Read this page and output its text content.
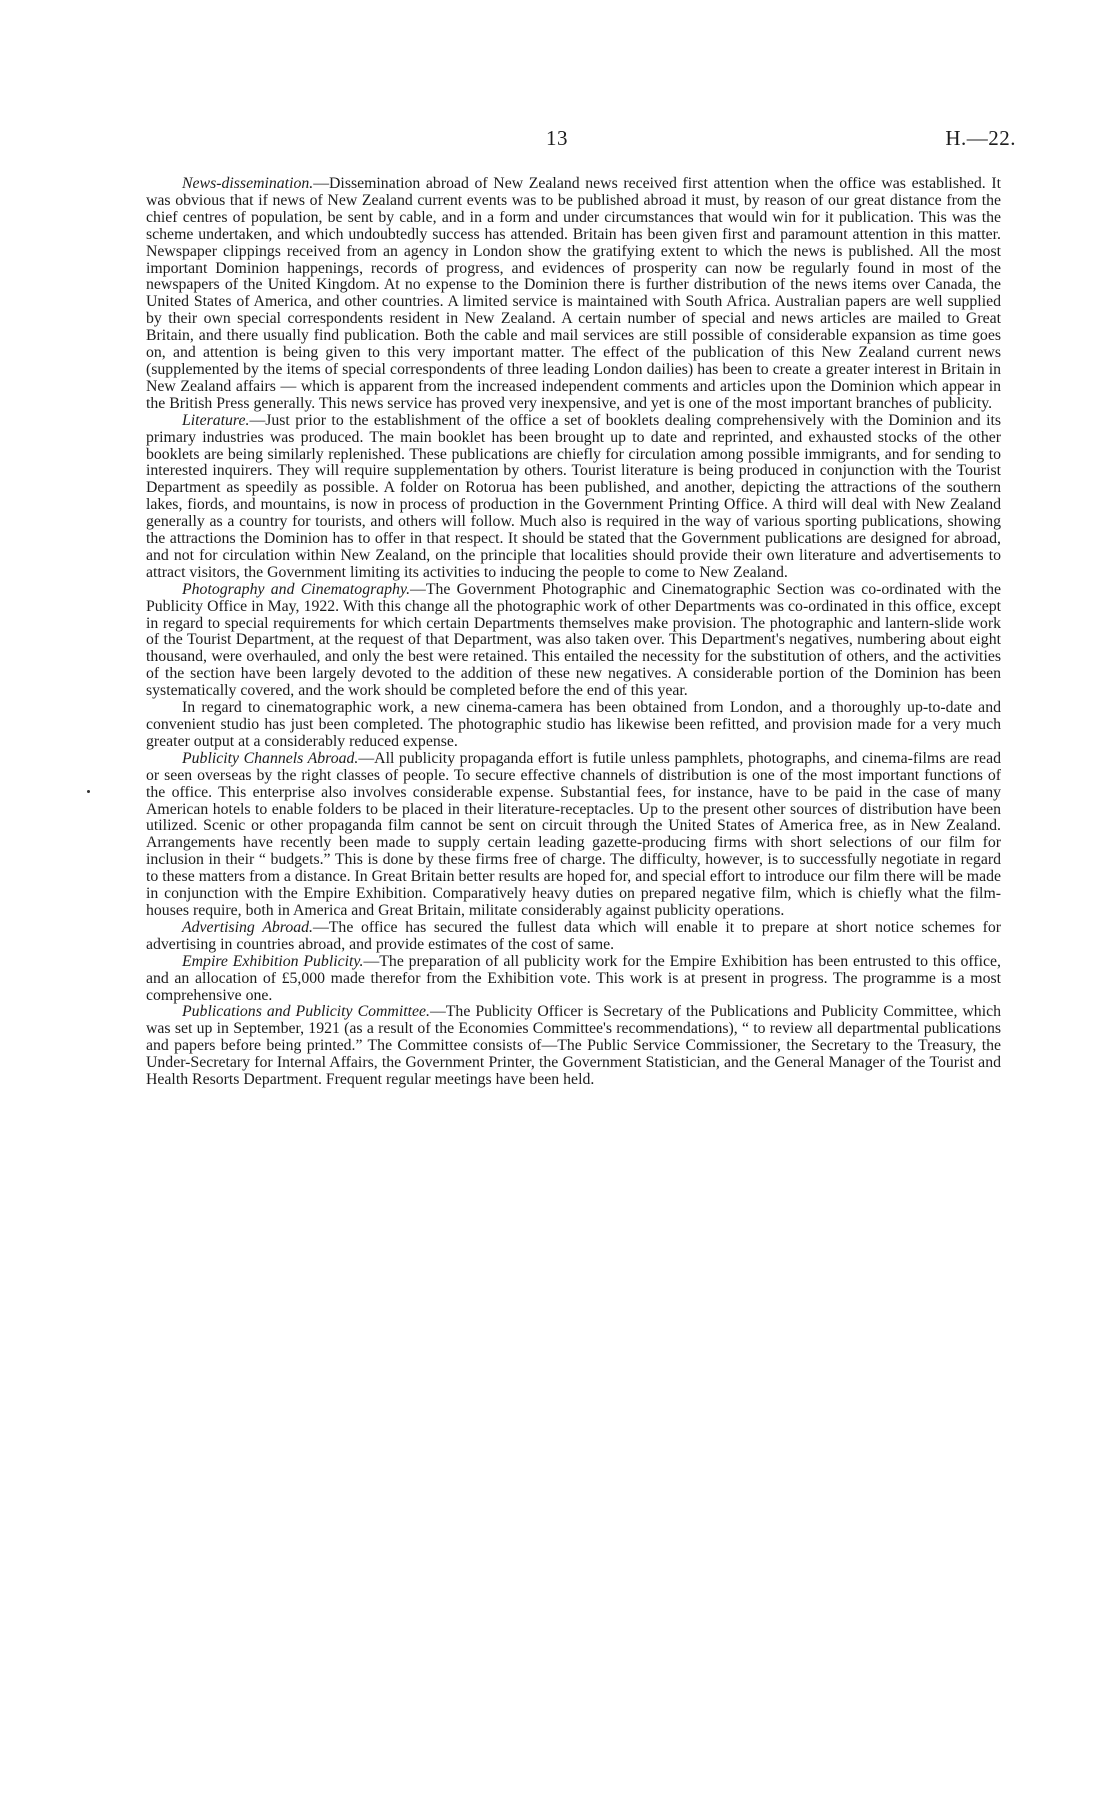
13	H.—22.

News-dissemination.—Dissemination abroad of New Zealand news received first attention when the office was established. It was obvious that if news of New Zealand current events was to be published abroad it must, by reason of our great distance from the chief centres of population, be sent by cable, and in a form and under circumstances that would win for it publication. This was the scheme undertaken, and which undoubtedly success has attended. Britain has been given first and paramount attention in this matter. Newspaper clippings received from an agency in London show the gratifying extent to which the news is published. All the most important Dominion happenings, records of progress, and evidences of prosperity can now be regularly found in most of the newspapers of the United Kingdom. At no expense to the Dominion there is further distribution of the news items over Canada, the United States of America, and other countries. A limited service is maintained with South Africa. Australian papers are well supplied by their own special correspondents resident in New Zealand. A certain number of special and news articles are mailed to Great Britain, and there usually find publication. Both the cable and mail services are still possible of considerable expansion as time goes on, and attention is being given to this very important matter. The effect of the publication of this New Zealand current news (supplemented by the items of special correspondents of three leading London dailies) has been to create a greater interest in Britain in New Zealand affairs — which is apparent from the increased independent comments and articles upon the Dominion which appear in the British Press generally. This news service has proved very inexpensive, and yet is one of the most important branches of publicity.

Literature.—Just prior to the establishment of the office a set of booklets dealing comprehensively with the Dominion and its primary industries was produced. The main booklet has been brought up to date and reprinted, and exhausted stocks of the other booklets are being similarly replenished. These publications are chiefly for circulation among possible immigrants, and for sending to interested inquirers. They will require supplementation by others. Tourist literature is being produced in conjunction with the Tourist Department as speedily as possible. A folder on Rotorua has been published, and another, depicting the attractions of the southern lakes, fiords, and mountains, is now in process of production in the Government Printing Office. A third will deal with New Zealand generally as a country for tourists, and others will follow. Much also is required in the way of various sporting publications, showing the attractions the Dominion has to offer in that respect. It should be stated that the Government publications are designed for abroad, and not for circulation within New Zealand, on the principle that localities should provide their own literature and advertisements to attract visitors, the Government limiting its activities to inducing the people to come to New Zealand.

Photography and Cinematography.—The Government Photographic and Cinematographic Section was co-ordinated with the Publicity Office in May, 1922. With this change all the photographic work of other Departments was co-ordinated in this office, except in regard to special requirements for which certain Departments themselves make provision. The photographic and lantern-slide work of the Tourist Department, at the request of that Department, was also taken over. This Department's negatives, numbering about eight thousand, were overhauled, and only the best were retained. This entailed the necessity for the substitution of others, and the activities of the section have been largely devoted to the addition of these new negatives. A considerable portion of the Dominion has been systematically covered, and the work should be completed before the end of this year.

In regard to cinematographic work, a new cinema-camera has been obtained from London, and a thoroughly up-to-date and convenient studio has just been completed. The photographic studio has likewise been refitted, and provision made for a very much greater output at a considerably reduced expense.

Publicity Channels Abroad.—All publicity propaganda effort is futile unless pamphlets, photographs, and cinema-films are read or seen overseas by the right classes of people. To secure effective channels of distribution is one of the most important functions of the office. This enterprise also involves considerable expense. Substantial fees, for instance, have to be paid in the case of many American hotels to enable folders to be placed in their literature-receptacles. Up to the present other sources of distribution have been utilized. Scenic or other propaganda film cannot be sent on circuit through the United States of America free, as in New Zealand. Arrangements have recently been made to supply certain leading gazette-producing firms with short selections of our film for inclusion in their “ budgets.” This is done by these firms free of charge. The difficulty, however, is to successfully negotiate in regard to these matters from a distance. In Great Britain better results are hoped for, and special effort to introduce our film there will be made in conjunction with the Empire Exhibition. Comparatively heavy duties on prepared negative film, which is chiefly what the film-houses require, both in America and Great Britain, militate considerably against publicity operations.

Advertising Abroad.—The office has secured the fullest data which will enable it to prepare at short notice schemes for advertising in countries abroad, and provide estimates of the cost of same.

Empire Exhibition Publicity.—The preparation of all publicity work for the Empire Exhibition has been entrusted to this office, and an allocation of £5,000 made therefor from the Exhibition vote. This work is at present in progress. The programme is a most comprehensive one.

Publications and Publicity Committee.—The Publicity Officer is Secretary of the Publications and Publicity Committee, which was set up in September, 1921 (as a result of the Economies Committee's recommendations), “ to review all departmental publications and papers before being printed.” The Committee consists of—The Public Service Commissioner, the Secretary to the Treasury, the Under-Secretary for Internal Affairs, the Government Printer, the Government Statistician, and the General Manager of the Tourist and Health Resorts Department. Frequent regular meetings have been held.
